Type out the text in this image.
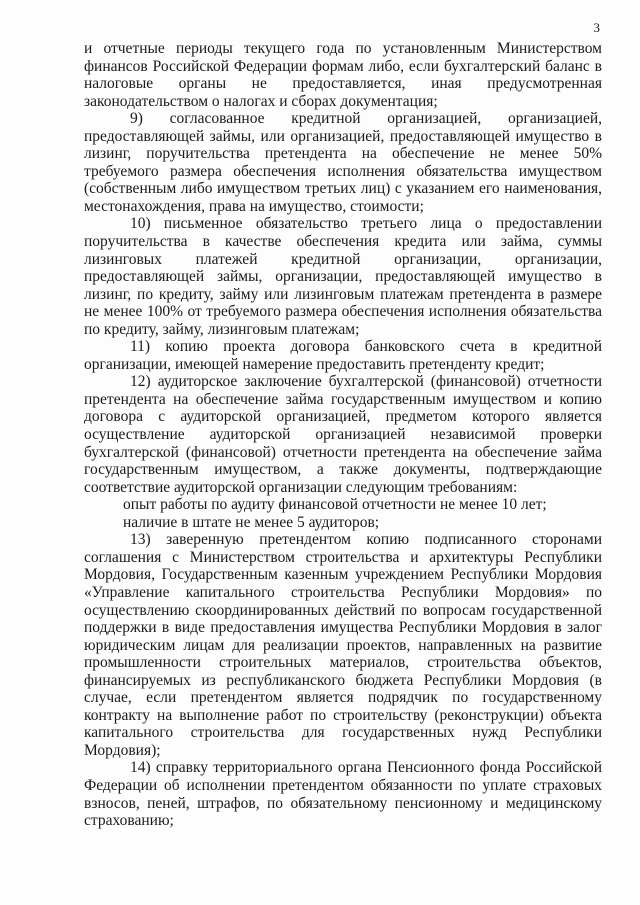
3

и отчетные периоды текущего года по установленным Министерством финансов Российской Федерации формам либо, если бухгалтерский баланс в налоговые органы не предоставляется, иная предусмотренная законодательством о налогах и сборах документация;

9) согласованное кредитной организацией, организацией, предоставляющей займы, или организацией, предоставляющей имущество в лизинг, поручительства претендента на обеспечение не менее 50% требуемого размера обеспечения исполнения обязательства имуществом (собственным либо имуществом третьих лиц) с указанием его наименования, местонахождения, права на имущество, стоимости;

10) письменное обязательство третьего лица о предоставлении поручительства в качестве обеспечения кредита или займа, суммы лизинговых платежей кредитной организации, организации, предоставляющей займы, организации, предоставляющей имущество в лизинг, по кредиту, займу или лизинговым платежам претендента в размере не менее 100% от требуемого размера обеспечения исполнения обязательства по кредиту, займу, лизинговым платежам;

11) копию проекта договора банковского счета в кредитной организации, имеющей намерение предоставить претенденту кредит;

12) аудиторское заключение бухгалтерской (финансовой) отчетности претендента на обеспечение займа государственным имуществом и копию договора с аудиторской организацией, предметом которого является осуществление аудиторской организацией независимой проверки бухгалтерской (финансовой) отчетности претендента на обеспечение займа государственным имуществом, а также документы, подтверждающие соответствие аудиторской организации следующим требованиям:

опыт работы по аудиту финансовой отчетности не менее 10 лет;

наличие в штате не менее 5 аудиторов;

13) заверенную претендентом копию подписанного сторонами соглашения с Министерством строительства и архитектуры Республики Мордовия, Государственным казенным учреждением Республики Мордовия «Управление капитального строительства Республики Мордовия» по осуществлению скоординированных действий по вопросам государственной поддержки в виде предоставления имущества Республики Мордовия в залог юридическим лицам для реализации проектов, направленных на развитие промышленности строительных материалов, строительства объектов, финансируемых из республиканского бюджета Республики Мордовия (в случае, если претендентом является подрядчик по государственному контракту на выполнение работ по строительству (реконструкции) объекта капитального строительства для государственных нужд Республики Мордовия);

14) справку территориального органа Пенсионного фонда Российской Федерации об исполнении претендентом обязанности по уплате страховых взносов, пеней, штрафов, по обязательному пенсионному и медицинскому страхованию;
